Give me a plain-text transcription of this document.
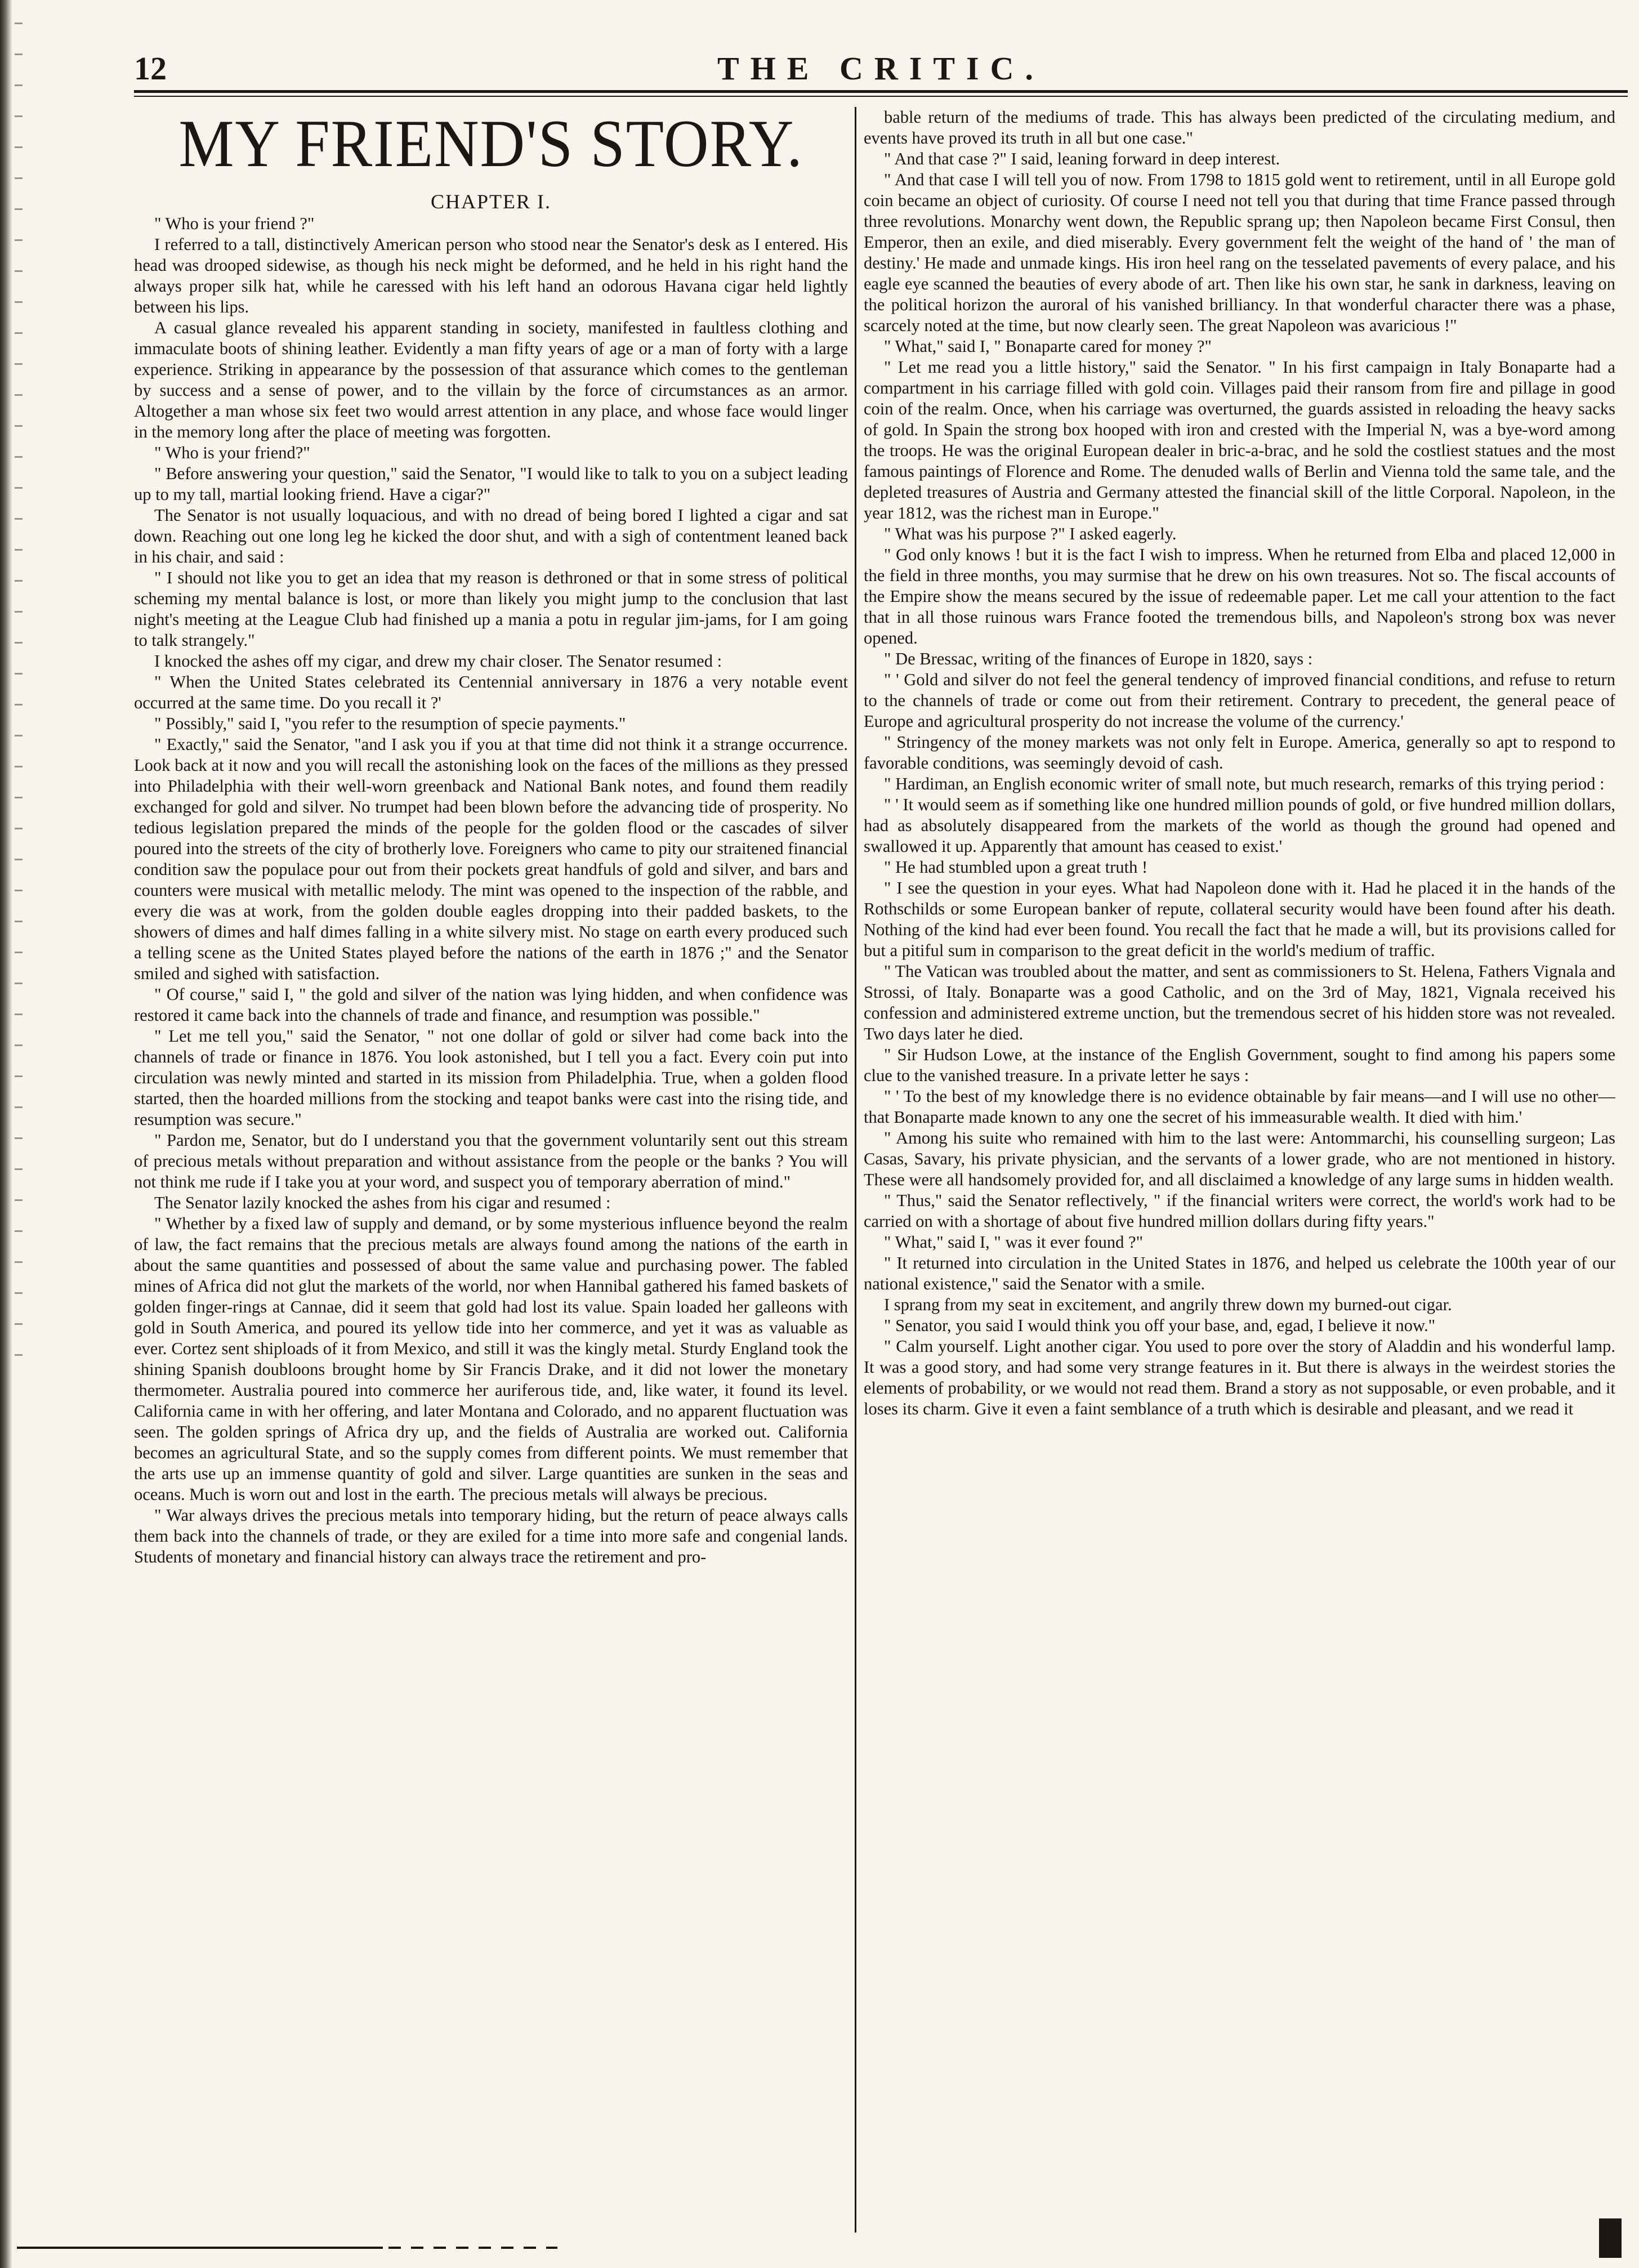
12	THE CRITIC.
MY FRIEND'S STORY.
CHAPTER I.

" Who is your friend ?"

I referred to a tall, distinctively American person who stood near the Senator's desk as I entered. His head was drooped sidewise, as though his neck might be deformed, and he held in his right hand the always proper silk hat, while he caressed with his left hand an odorous Havana cigar held lightly between his lips.

A casual glance revealed his apparent standing in society, manifested in faultless clothing and immaculate boots of shining leather. Evidently a man fifty years of age or a man of forty with a large experience. Striking in appearance by the possession of that assurance which comes to the gentleman by success and a sense of power, and to the villain by the force of circumstances as an armor. Altogether a man whose six feet two would arrest attention in any place, and whose face would linger in the memory long after the place of meeting was forgotten.

" Who is your friend?"

" Before answering your question," said the Senator, "I would like to talk to you on a subject leading up to my tall, martial looking friend. Have a cigar?"

The Senator is not usually loquacious, and with no dread of being bored I lighted a cigar and sat down. Reaching out one long leg he kicked the door shut, and with a sigh of contentment leaned back in his chair, and said :

" I should not like you to get an idea that my reason is dethroned or that in some stress of political scheming my mental balance is lost, or more than likely you might jump to the conclusion that last night's meeting at the League Club had finished up a mania a potu in regular jim-jams, for I am going to talk strangely."

I knocked the ashes off my cigar, and drew my chair closer. The Senator resumed :

" When the United States celebrated its Centennial anniversary in 1876 a very notable event occurred at the same time. Do you recall it ?'

" Possibly," said I, "you refer to the resumption of specie payments."

" Exactly," said the Senator, "and I ask you if you at that time did not think it a strange occurrence. Look back at it now and you will recall the astonishing look on the faces of the millions as they pressed into Philadelphia with their well-worn greenback and National Bank notes, and found them readily exchanged for gold and silver. No trumpet had been blown before the advancing tide of prosperity. No tedious legislation prepared the minds of the people for the golden flood or the cascades of silver poured into the streets of the city of brotherly love. Foreigners who came to pity our straitened financial condition saw the populace pour out from their pockets great handfuls of gold and silver, and bars and counters were musical with metallic melody. The mint was opened to the inspection of the rabble, and every die was at work, from the golden double eagles dropping into their padded baskets, to the showers of dimes and half dimes falling in a white silvery mist. No stage on earth every produced such a telling scene as the United States played before the nations of the earth in 1876 ;" and the Senator smiled and sighed with satisfaction.

" Of course," said I, " the gold and silver of the nation was lying hidden, and when confidence was restored it came back into the channels of trade and finance, and resumption was possible."

" Let me tell you," said the Senator, " not one dollar of gold or silver had come back into the channels of trade or finance in 1876. You look astonished, but I tell you a fact. Every coin put into circulation was newly minted and started in its mission from Philadelphia. True, when a golden flood started, then the hoarded millions from the stocking and teapot banks were cast into the rising tide, and resumption was secure."

" Pardon me, Senator, but do I understand you that the government voluntarily sent out this stream of precious metals without preparation and without assistance from the people or the banks ? You will not think me rude if I take you at your word, and suspect you of temporary aberration of mind."

The Senator lazily knocked the ashes from his cigar and resumed :

" Whether by a fixed law of supply and demand, or by some mysterious influence beyond the realm of law, the fact remains that the precious metals are always found among the nations of the earth in about the same quantities and possessed of about the same value and purchasing power. The fabled mines of Africa did not glut the markets of the world, nor when Hannibal gathered his famed baskets of golden finger-rings at Cannae, did it seem that gold had lost its value. Spain loaded her galleons with gold in South America, and poured its yellow tide into her commerce, and yet it was as valuable as ever. Cortez sent shiploads of it from Mexico, and still it was the kingly metal. Sturdy England took the shining Spanish doubloons brought home by Sir Francis Drake, and it did not lower the monetary thermometer. Australia poured into commerce her auriferous tide, and, like water, it found its level. California came in with her offering, and later Montana and Colorado, and no apparent fluctuation was seen. The golden springs of Africa dry up, and the fields of Australia are worked out. California becomes an agricultural State, and so the supply comes from different points. We must remember that the arts use up an immense quantity of gold and silver. Large quantities are sunken in the seas and oceans. Much is worn out and lost in the earth. The precious metals will always be precious.

" War always drives the precious metals into temporary hiding, but the return of peace always calls them back into the channels of trade, or they are exiled for a time into more safe and congenial lands. Students of monetary and financial history can always trace the retirement and pro-

bable return of the mediums of trade. This has always been predicted of the circulating medium, and events have proved its truth in all but one case."

" And that case ?" I said, leaning forward in deep interest.

" And that case I will tell you of now. From 1798 to 1815 gold went to retirement, until in all Europe gold coin became an object of curiosity. Of course I need not tell you that during that time France passed through three revolutions. Monarchy went down, the Republic sprang up; then Napoleon became First Consul, then Emperor, then an exile, and died miserably. Every government felt the weight of the hand of ' the man of destiny.' He made and unmade kings. His iron heel rang on the tesselated pavements of every palace, and his eagle eye scanned the beauties of every abode of art. Then like his own star, he sank in darkness, leaving on the political horizon the auroral of his vanished brilliancy. In that wonderful character there was a phase, scarcely noted at the time, but now clearly seen. The great Napoleon was avaricious !"

" What," said I, " Bonaparte cared for money ?"

" Let me read you a little history," said the Senator. " In his first campaign in Italy Bonaparte had a compartment in his carriage filled with gold coin. Villages paid their ransom from fire and pillage in good coin of the realm. Once, when his carriage was overturned, the guards assisted in reloading the heavy sacks of gold. In Spain the strong box hooped with iron and crested with the Imperial N, was a bye-word among the troops. He was the original European dealer in bric-a-brac, and he sold the costliest statues and the most famous paintings of Florence and Rome. The denuded walls of Berlin and Vienna told the same tale, and the depleted treasures of Austria and Germany attested the financial skill of the little Corporal. Napoleon, in the year 1812, was the richest man in Europe."

" What was his purpose ?" I asked eagerly.

" God only knows ! but it is the fact I wish to impress. When he returned from Elba and placed 12,000 in the field in three months, you may surmise that he drew on his own treasures. Not so. The fiscal accounts of the Empire show the means secured by the issue of redeemable paper. Let me call your attention to the fact that in all those ruinous wars France footed the tremendous bills, and Napoleon's strong box was never opened.

" De Bressac, writing of the finances of Europe in 1820, says :

" ' Gold and silver do not feel the general tendency of improved financial conditions, and refuse to return to the channels of trade or come out from their retirement. Contrary to precedent, the general peace of Europe and agricultural prosperity do not increase the volume of the currency.'

" Stringency of the money markets was not only felt in Europe. America, generally so apt to respond to favorable conditions, was seemingly devoid of cash.

" Hardiman, an English economic writer of small note, but much research, remarks of this trying period :

" ' It would seem as if something like one hundred million pounds of gold, or five hundred million dollars, had as absolutely disappeared from the markets of the world as though the ground had opened and swallowed it up. Apparently that amount has ceased to exist.'

" He had stumbled upon a great truth !

" I see the question in your eyes. What had Napoleon done with it. Had he placed it in the hands of the Rothschilds or some European banker of repute, collateral security would have been found after his death. Nothing of the kind had ever been found. You recall the fact that he made a will, but its provisions called for but a pitiful sum in comparison to the great deficit in the world's medium of traffic.

" The Vatican was troubled about the matter, and sent as commissioners to St. Helena, Fathers Vignala and Strossi, of Italy. Bonaparte was a good Catholic, and on the 3rd of May, 1821, Vignala received his confession and administered extreme unction, but the tremendous secret of his hidden store was not revealed. Two days later he died.

" Sir Hudson Lowe, at the instance of the English Government, sought to find among his papers some clue to the vanished treasure. In a private letter he says :

" ' To the best of my knowledge there is no evidence obtainable by fair means—and I will use no other—that Bonaparte made known to any one the secret of his immeasurable wealth. It died with him.'

" Among his suite who remained with him to the last were: Antommarchi, his counselling surgeon; Las Casas, Savary, his private physician, and the servants of a lower grade, who are not mentioned in history. These were all handsomely provided for, and all disclaimed a knowledge of any large sums in hidden wealth.

" Thus," said the Senator reflectively, " if the financial writers were correct, the world's work had to be carried on with a shortage of about five hundred million dollars during fifty years."

" What," said I, " was it ever found ?"

" It returned into circulation in the United States in 1876, and helped us celebrate the 100th year of our national existence," said the Senator with a smile.

I sprang from my seat in excitement, and angrily threw down my burned-out cigar.

" Senator, you said I would think you off your base, and, egad, I believe it now."

" Calm yourself. Light another cigar. You used to pore over the story of Aladdin and his wonderful lamp. It was a good story, and had some very strange features in it. But there is always in the weirdest stories the elements of probability, or we would not read them. Brand a story as not supposable, or even probable, and it loses its charm. Give it even a faint semblance of a truth which is desirable and pleasant, and we read it
